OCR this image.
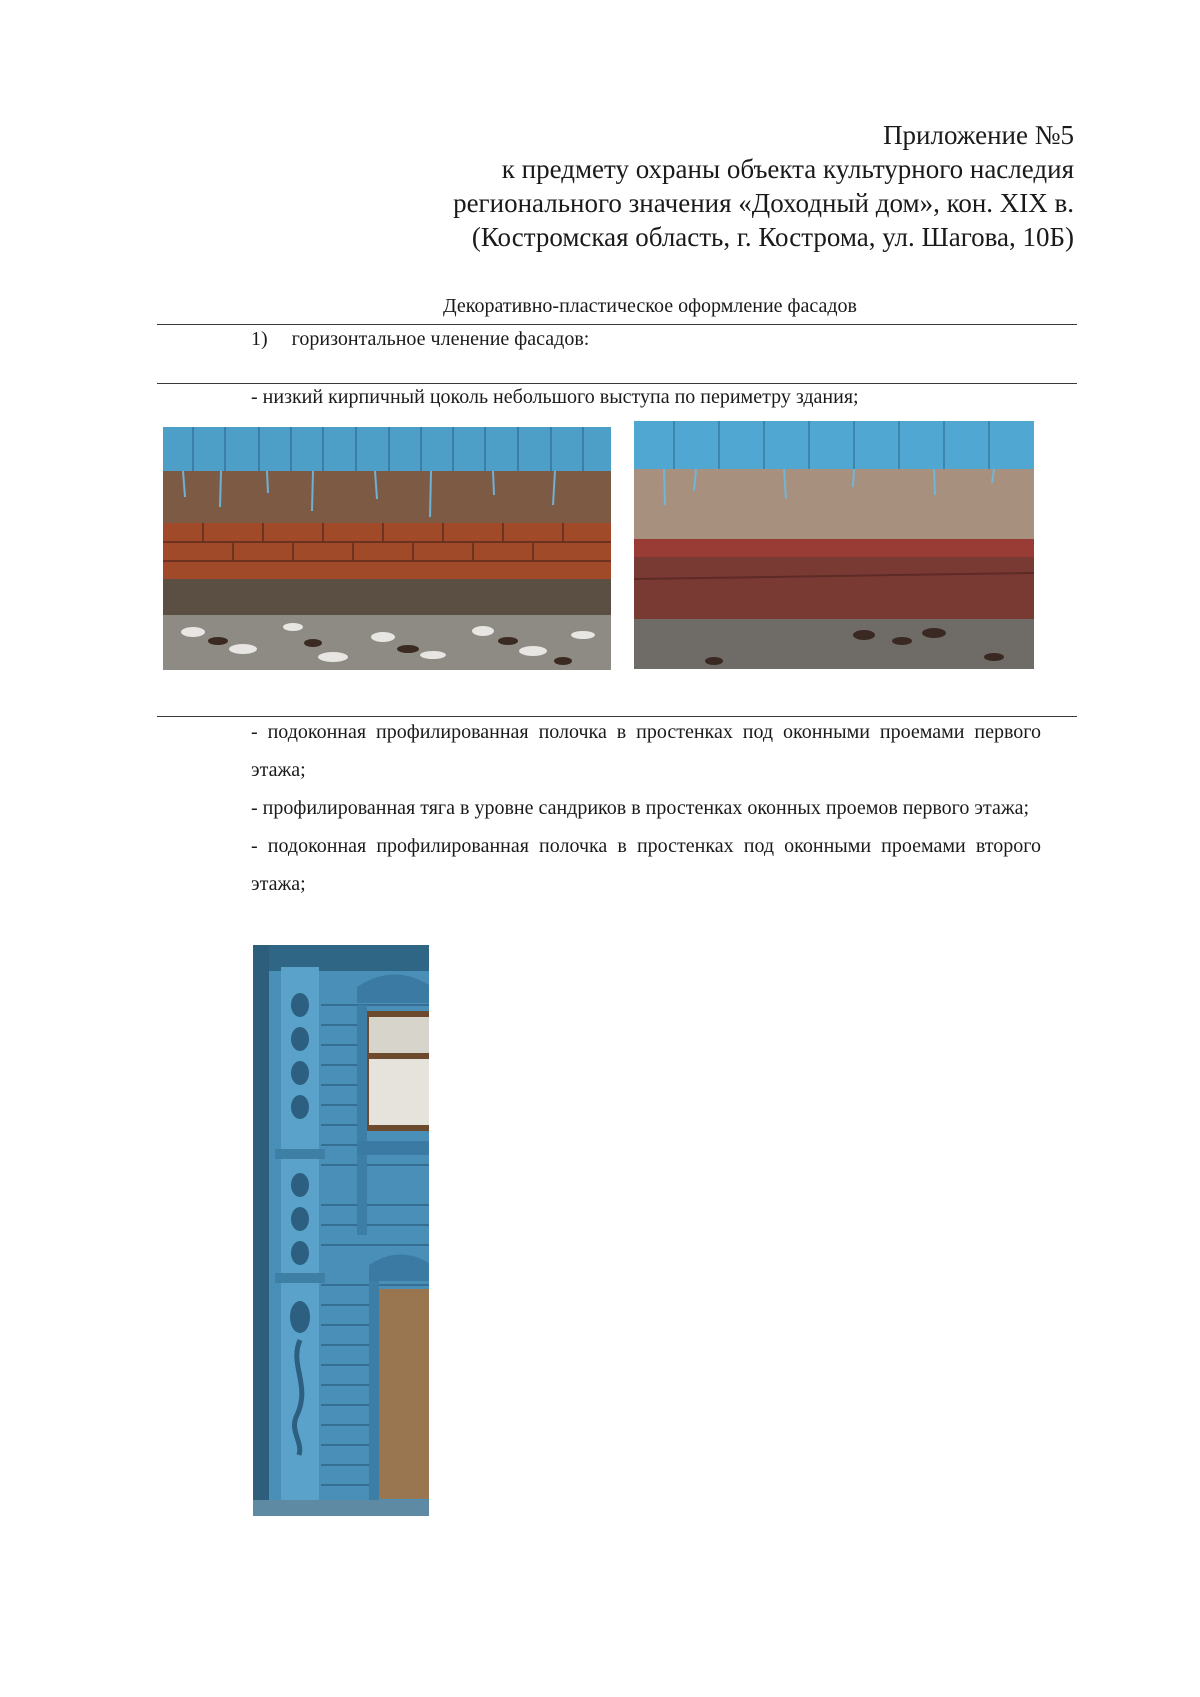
Приложение №5
к предмету охраны объекта культурного наследия
регионального значения «Доходный дом», кон. XIX в.
(Костромская область, г. Кострома, ул. Шагова, 10Б)
Декоративно-пластическое оформление фасадов
1) горизонтальное членение фасадов:
- низкий кирпичный цоколь небольшого выступа по периметру здания;

- подоконная профилированная полочка в простенках под оконными проемами первого этажа;

- профилированная тяга в уровне сандриков в простенках оконных проемов первого этажа;

- подоконная профилированная полочка в простенках под оконными проемами второго этажа;
